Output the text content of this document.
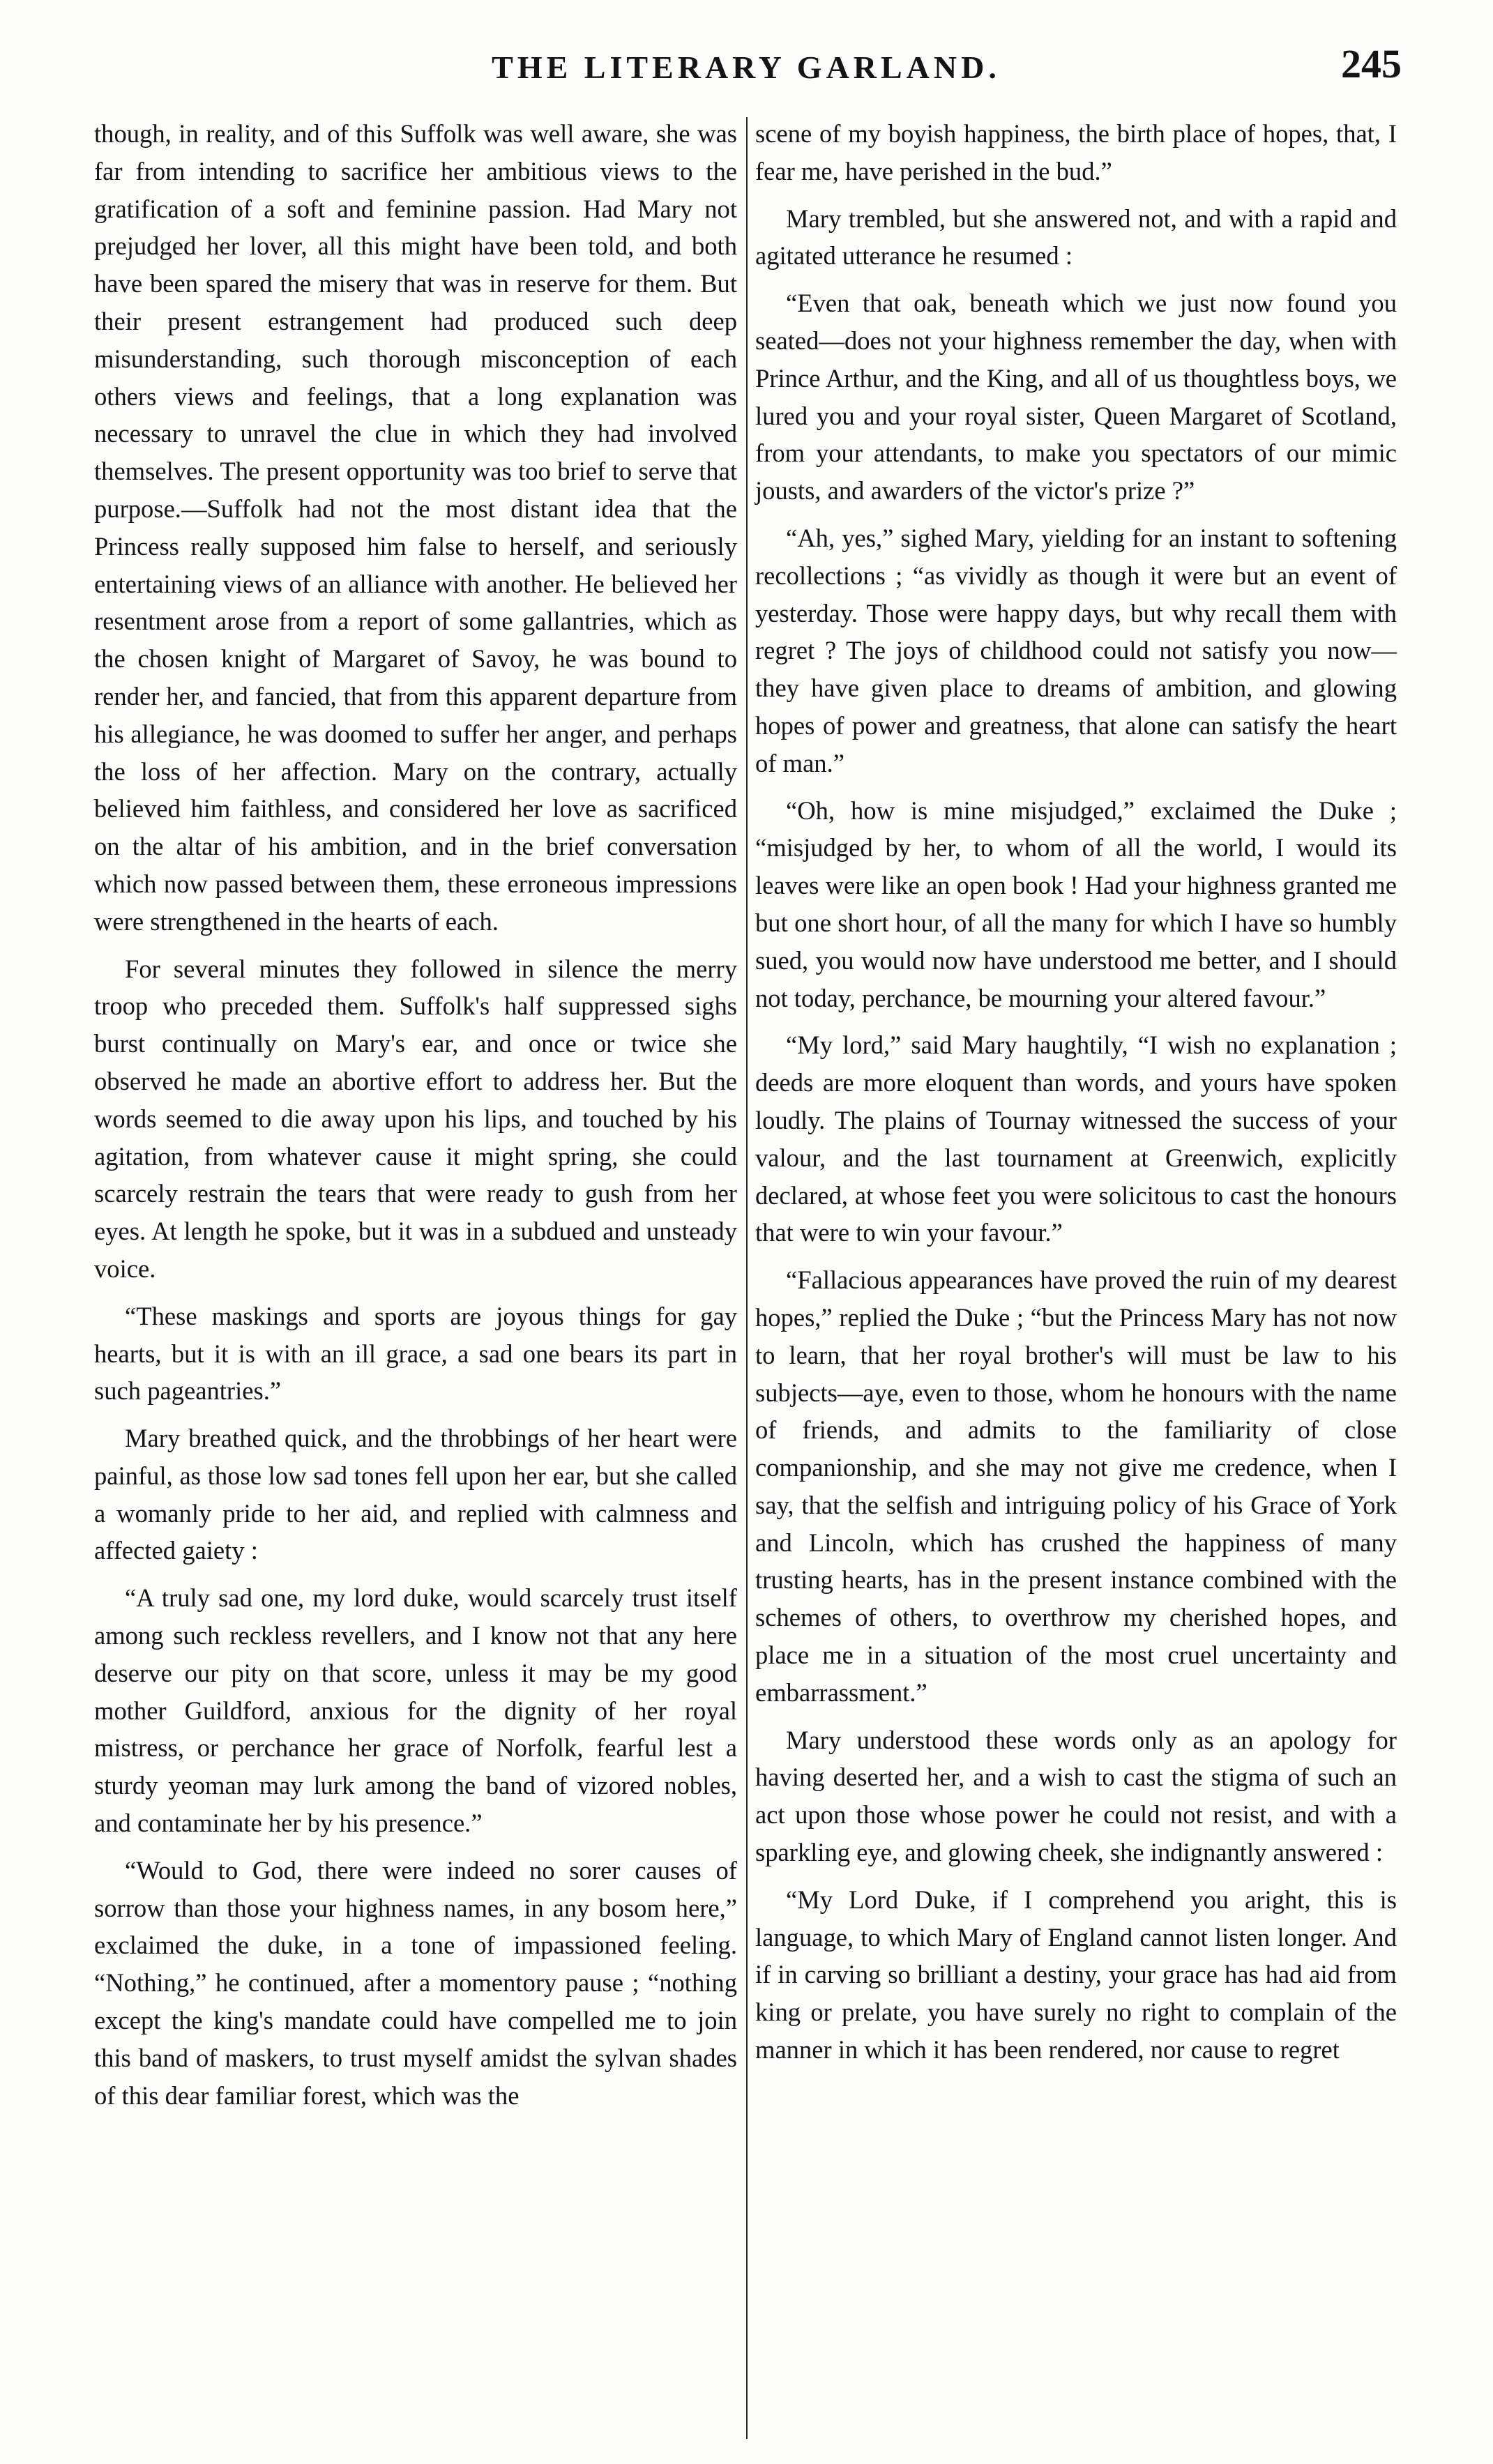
THE LITERARY GARLAND.	245

though, in reality, and of this Suffolk was well aware, she was far from intending to sacrifice her ambitious views to the gratification of a soft and feminine passion. Had Mary not prejudged her lover, all this might have been told, and both have been spared the misery that was in reserve for them. But their present estrangement had produced such deep misunderstanding, such thorough misconception of each others views and feelings, that a long explanation was necessary to unravel the clue in which they had involved themselves. The present opportunity was too brief to serve that purpose.—Suffolk had not the most distant idea that the Princess really supposed him false to herself, and seriously entertaining views of an alliance with another. He believed her resentment arose from a report of some gallantries, which as the chosen knight of Margaret of Savoy, he was bound to render her, and fancied, that from this apparent departure from his allegiance, he was doomed to suffer her anger, and perhaps the loss of her affection. Mary on the contrary, actually believed him faithless, and considered her love as sacrificed on the altar of his ambition, and in the brief conversation which now passed between them, these erroneous impressions were strengthened in the hearts of each.

For several minutes they followed in silence the merry troop who preceded them. Suffolk's half suppressed sighs burst continually on Mary's ear, and once or twice she observed he made an abortive effort to address her. But the words seemed to die away upon his lips, and touched by his agitation, from whatever cause it might spring, she could scarcely restrain the tears that were ready to gush from her eyes. At length he spoke, but it was in a subdued and unsteady voice.

“These maskings and sports are joyous things for gay hearts, but it is with an ill grace, a sad one bears its part in such pageantries.”

Mary breathed quick, and the throbbings of her heart were painful, as those low sad tones fell upon her ear, but she called a womanly pride to her aid, and replied with calmness and affected gaiety :

“A truly sad one, my lord duke, would scarcely trust itself among such reckless revellers, and I know not that any here deserve our pity on that score, unless it may be my good mother Guildford, anxious for the dignity of her royal mistress, or perchance her grace of Norfolk, fearful lest a sturdy yeoman may lurk among the band of vizored nobles, and contaminate her by his presence.”

“Would to God, there were indeed no sorer causes of sorrow than those your highness names, in any bosom here,” exclaimed the duke, in a tone of impassioned feeling. “Nothing,” he continued, after a momentory pause ; “nothing except the king's mandate could have compelled me to join this band of maskers, to trust myself amidst the sylvan shades of this dear familiar forest, which was the

scene of my boyish happiness, the birth place of hopes, that, I fear me, have perished in the bud.”

Mary trembled, but she answered not, and with a rapid and agitated utterance he resumed :

“Even that oak, beneath which we just now found you seated—does not your highness remember the day, when with Prince Arthur, and the King, and all of us thoughtless boys, we lured you and your royal sister, Queen Margaret of Scotland, from your attendants, to make you spectators of our mimic jousts, and awarders of the victor's prize ?”

“Ah, yes,” sighed Mary, yielding for an instant to softening recollections ; “as vividly as though it were but an event of yesterday. Those were happy days, but why recall them with regret ? The joys of childhood could not satisfy you now—they have given place to dreams of ambition, and glowing hopes of power and greatness, that alone can satisfy the heart of man.”

“Oh, how is mine misjudged,” exclaimed the Duke ; “misjudged by her, to whom of all the world, I would its leaves were like an open book ! Had your highness granted me but one short hour, of all the many for which I have so humbly sued, you would now have understood me better, and I should not today, perchance, be mourning your altered favour.”

“My lord,” said Mary haughtily, “I wish no explanation ; deeds are more eloquent than words, and yours have spoken loudly. The plains of Tournay witnessed the success of your valour, and the last tournament at Greenwich, explicitly declared, at whose feet you were solicitous to cast the honours that were to win your favour.”

“Fallacious appearances have proved the ruin of my dearest hopes,” replied the Duke ; “but the Princess Mary has not now to learn, that her royal brother's will must be law to his subjects—aye, even to those, whom he honours with the name of friends, and admits to the familiarity of close companionship, and she may not give me credence, when I say, that the selfish and intriguing policy of his Grace of York and Lincoln, which has crushed the happiness of many trusting hearts, has in the present instance combined with the schemes of others, to overthrow my cherished hopes, and place me in a situation of the most cruel uncertainty and embarrassment.”

Mary understood these words only as an apology for having deserted her, and a wish to cast the stigma of such an act upon those whose power he could not resist, and with a sparkling eye, and glowing cheek, she indignantly answered :

“My Lord Duke, if I comprehend you aright, this is language, to which Mary of England cannot listen longer. And if in carving so brilliant a destiny, your grace has had aid from king or prelate, you have surely no right to complain of the manner in which it has been rendered, nor cause to regret
